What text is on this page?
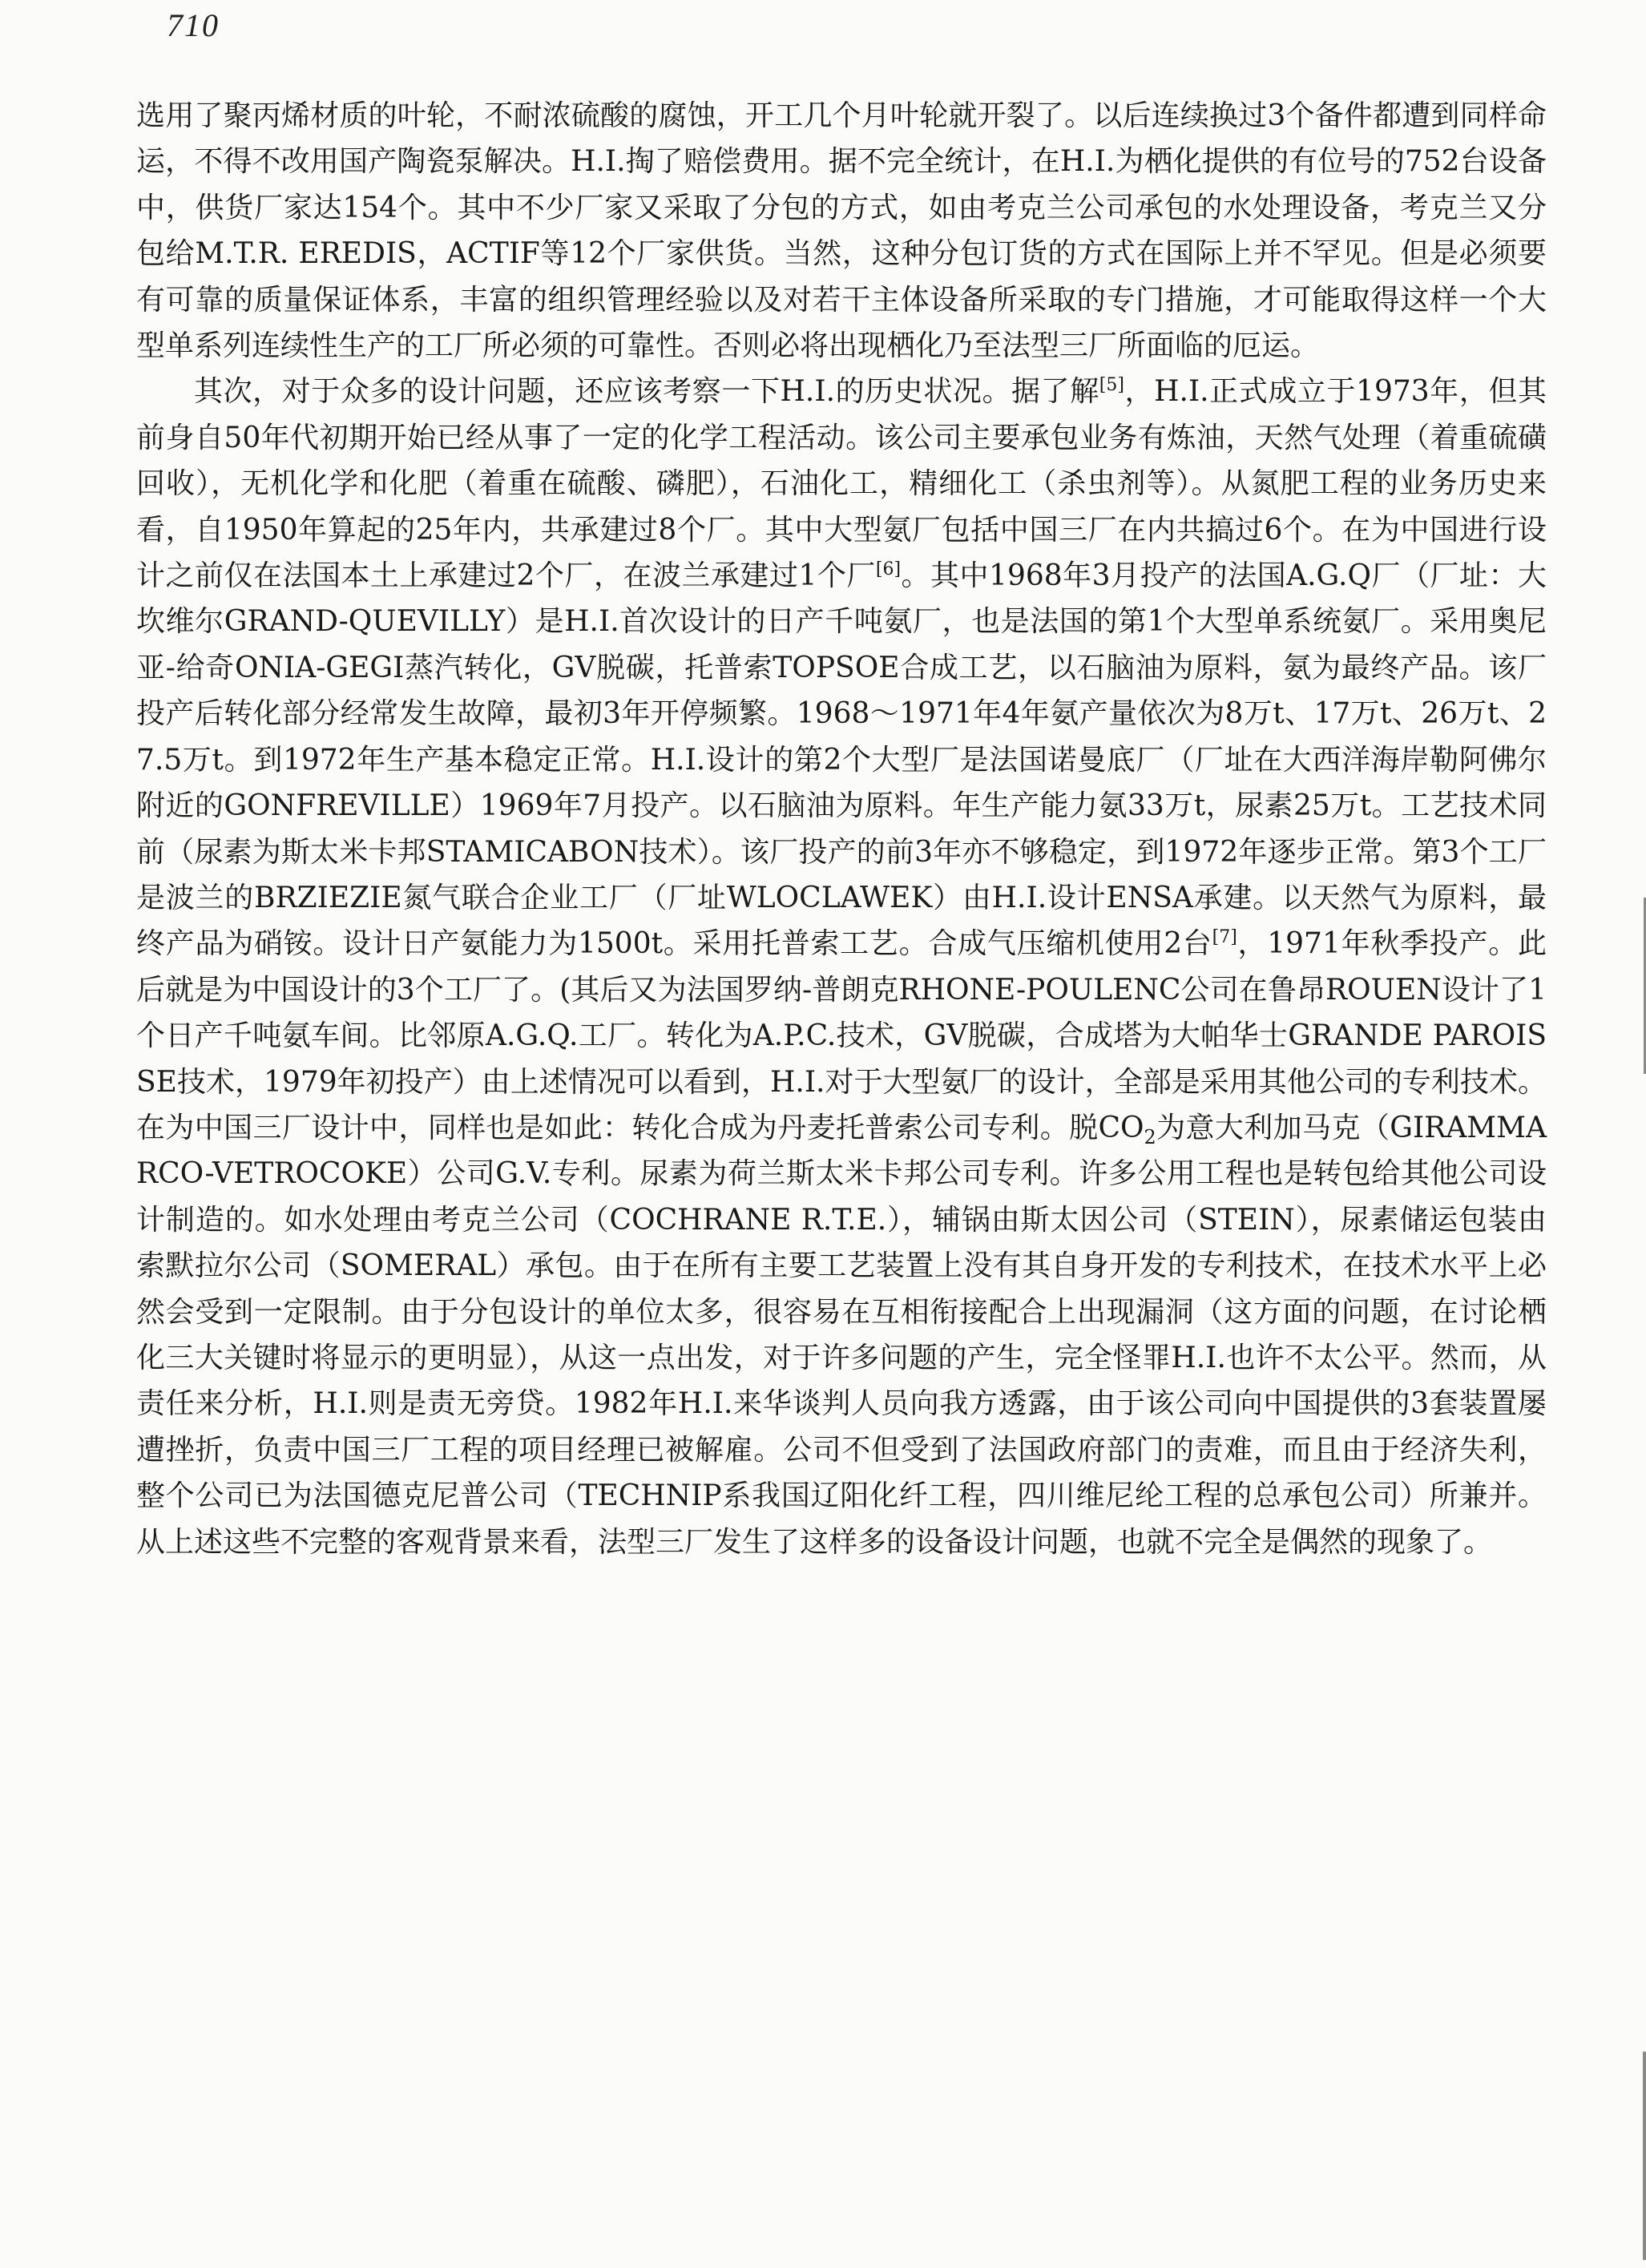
710

选用了聚丙烯材质的叶轮，不耐浓硫酸的腐蚀，开工几个月叶轮就开裂了。以后连续换过3个备件都遭到同样命运，不得不改用国产陶瓷泵解决。H.I.掏了赔偿费用。据不完全统计，在H.I.为栖化提供的有位号的752台设备中，供货厂家达154个。其中不少厂家又采取了分包的方式，如由考克兰公司承包的水处理设备，考克兰又分包给M.T.R. EREDIS，ACTIF等12个厂家供货。当然，这种分包订货的方式在国际上并不罕见。但是必须要有可靠的质量保证体系，丰富的组织管理经验以及对若干主体设备所采取的专门措施，才可能取得这样一个大型单系列连续性生产的工厂所必须的可靠性。否则必将出现栖化乃至法型三厂所面临的厄运。

其次，对于众多的设计问题，还应该考察一下H.I.的历史状况。据了解[5]，H.I.正式成立于1973年，但其前身自50年代初期开始已经从事了一定的化学工程活动。该公司主要承包业务有炼油，天然气处理（着重硫磺回收），无机化学和化肥（着重在硫酸、磷肥），石油化工，精细化工（杀虫剂等）。从氮肥工程的业务历史来看，自1950年算起的25年内，共承建过8个厂。其中大型氨厂包括中国三厂在内共搞过6个。在为中国进行设计之前仅在法国本土上承建过2个厂，在波兰承建过1个厂[6]。其中1968年3月投产的法国A.G.Q厂（厂址：大坎维尔GRAND-QUEVILLY）是H.I.首次设计的日产千吨氨厂，也是法国的第1个大型单系统氨厂。采用奥尼亚-给奇ONIA-GEGI蒸汽转化，GV脱碳，托普索TOPSOE合成工艺，以石脑油为原料，氨为最终产品。该厂投产后转化部分经常发生故障，最初3年开停频繁。1968～1971年4年氨产量依次为8万t、17万t、26万t、27.5万t。到1972年生产基本稳定正常。H.I.设计的第2个大型厂是法国诺曼底厂（厂址在大西洋海岸勒阿佛尔附近的GONFREVILLE）1969年7月投产。以石脑油为原料。年生产能力氨33万t，尿素25万t。工艺技术同前（尿素为斯太米卡邦STAMICABON技术）。该厂投产的前3年亦不够稳定，到1972年逐步正常。第3个工厂是波兰的BRZIEZIE氮气联合企业工厂（厂址WLOCLAWEK）由H.I.设计ENSA承建。以天然气为原料，最终产品为硝铵。设计日产氨能力为1500t。采用托普索工艺。合成气压缩机使用2台[7]，1971年秋季投产。此后就是为中国设计的3个工厂了。(其后又为法国罗纳-普朗克RHONE-POULENC公司在鲁昂ROUEN设计了1个日产千吨氨车间。比邻原A.G.Q.工厂。转化为A.P.C.技术，GV脱碳，合成塔为大帕华士GRANDE PAROISSE技术，1979年初投产）由上述情况可以看到，H.I.对于大型氨厂的设计，全部是采用其他公司的专利技术。在为中国三厂设计中，同样也是如此：转化合成为丹麦托普索公司专利。脱$CO_2$为意大利加马克（GIRAMMARCO-VETROCOKE）公司G.V.专利。尿素为荷兰斯太米卡邦公司专利。许多公用工程也是转包给其他公司设计制造的。如水处理由考克兰公司（COCHRANE R.T.E.），辅锅由斯太因公司（STEIN），尿素储运包装由索默拉尔公司（SOMERAL）承包。由于在所有主要工艺装置上没有其自身开发的专利技术，在技术水平上必然会受到一定限制。由于分包设计的单位太多，很容易在互相衔接配合上出现漏洞（这方面的问题，在讨论栖化三大关键时将显示的更明显），从这一点出发，对于许多问题的产生，完全怪罪H.I.也许不太公平。然而，从责任来分析，H.I.则是责无旁贷。1982年H.I.来华谈判人员向我方透露，由于该公司向中国提供的3套装置屡遭挫折，负责中国三厂工程的项目经理已被解雇。公司不但受到了法国政府部门的责难，而且由于经济失利，整个公司已为法国德克尼普公司（TECHNIP系我国辽阳化纤工程，四川维尼纶工程的总承包公司）所兼并。从上述这些不完整的客观背景来看，法型三厂发生了这样多的设备设计问题，也就不完全是偶然的现象了。
